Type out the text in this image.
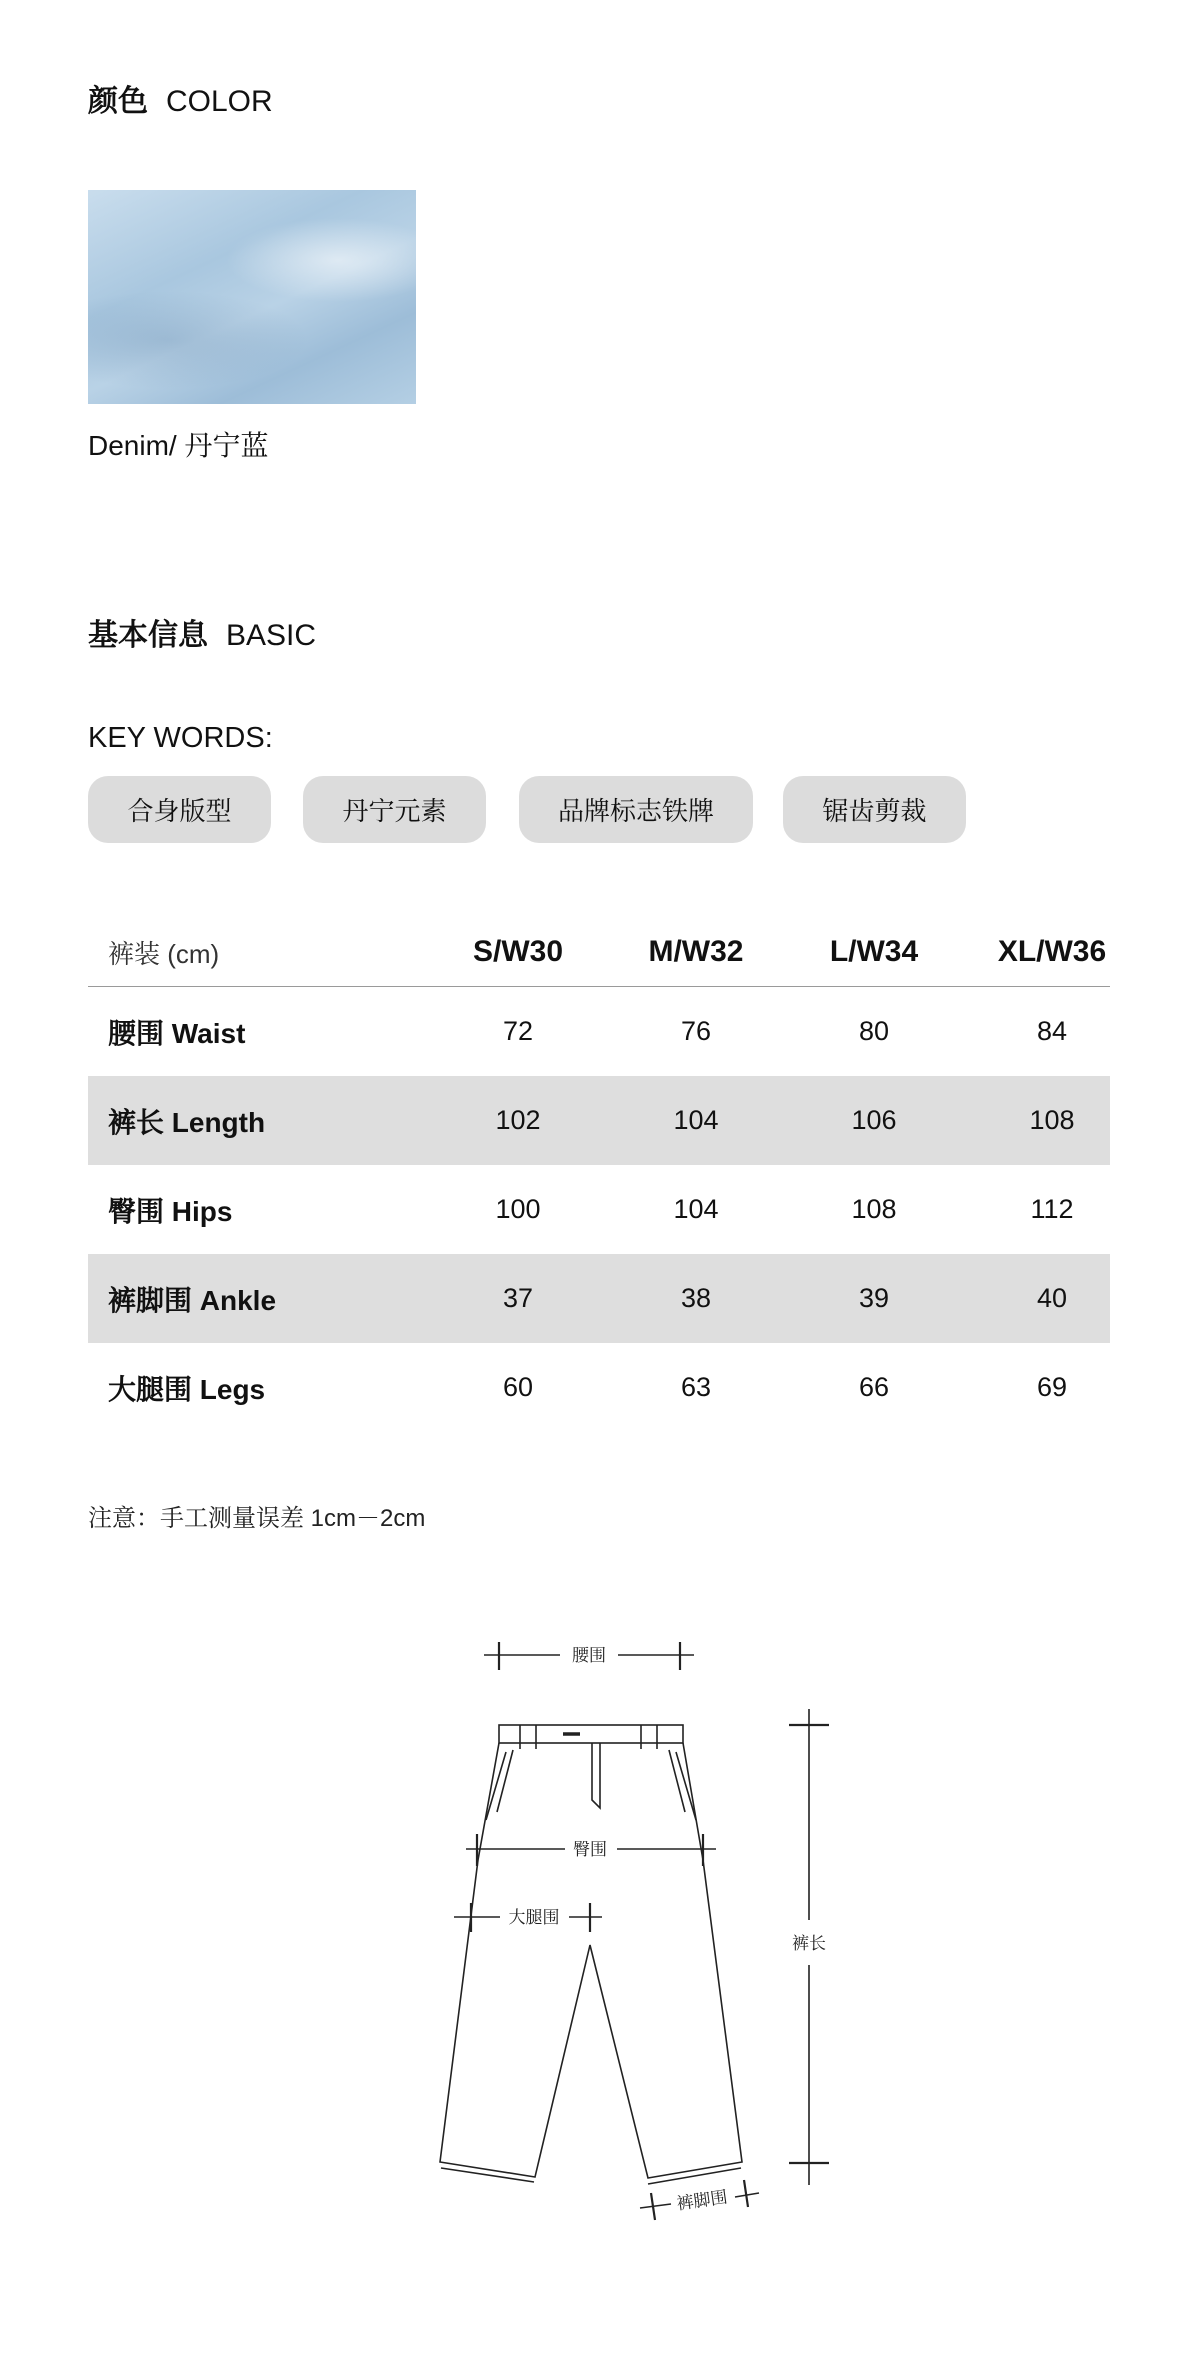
颜色 COLOR
Denim/ 丹宁蓝
基本信息 BASIC
KEY WORDS:
合身版型	丹宁元素	品牌标志铁牌	锯齿剪裁
裤装 (cm)	S/W30	M/W32	L/W34	XL/W36
腰围 Waist	72	76	80	84
裤长 Length	102	104	106	108
臀围 Hips	100	104	108	112
裤脚围 Ankle	37	38	39	40
大腿围 Legs	60	63	66	69
注意：手工测量误差 1cm－2cm
腰围
臀围
大腿围
裤长
裤脚围
